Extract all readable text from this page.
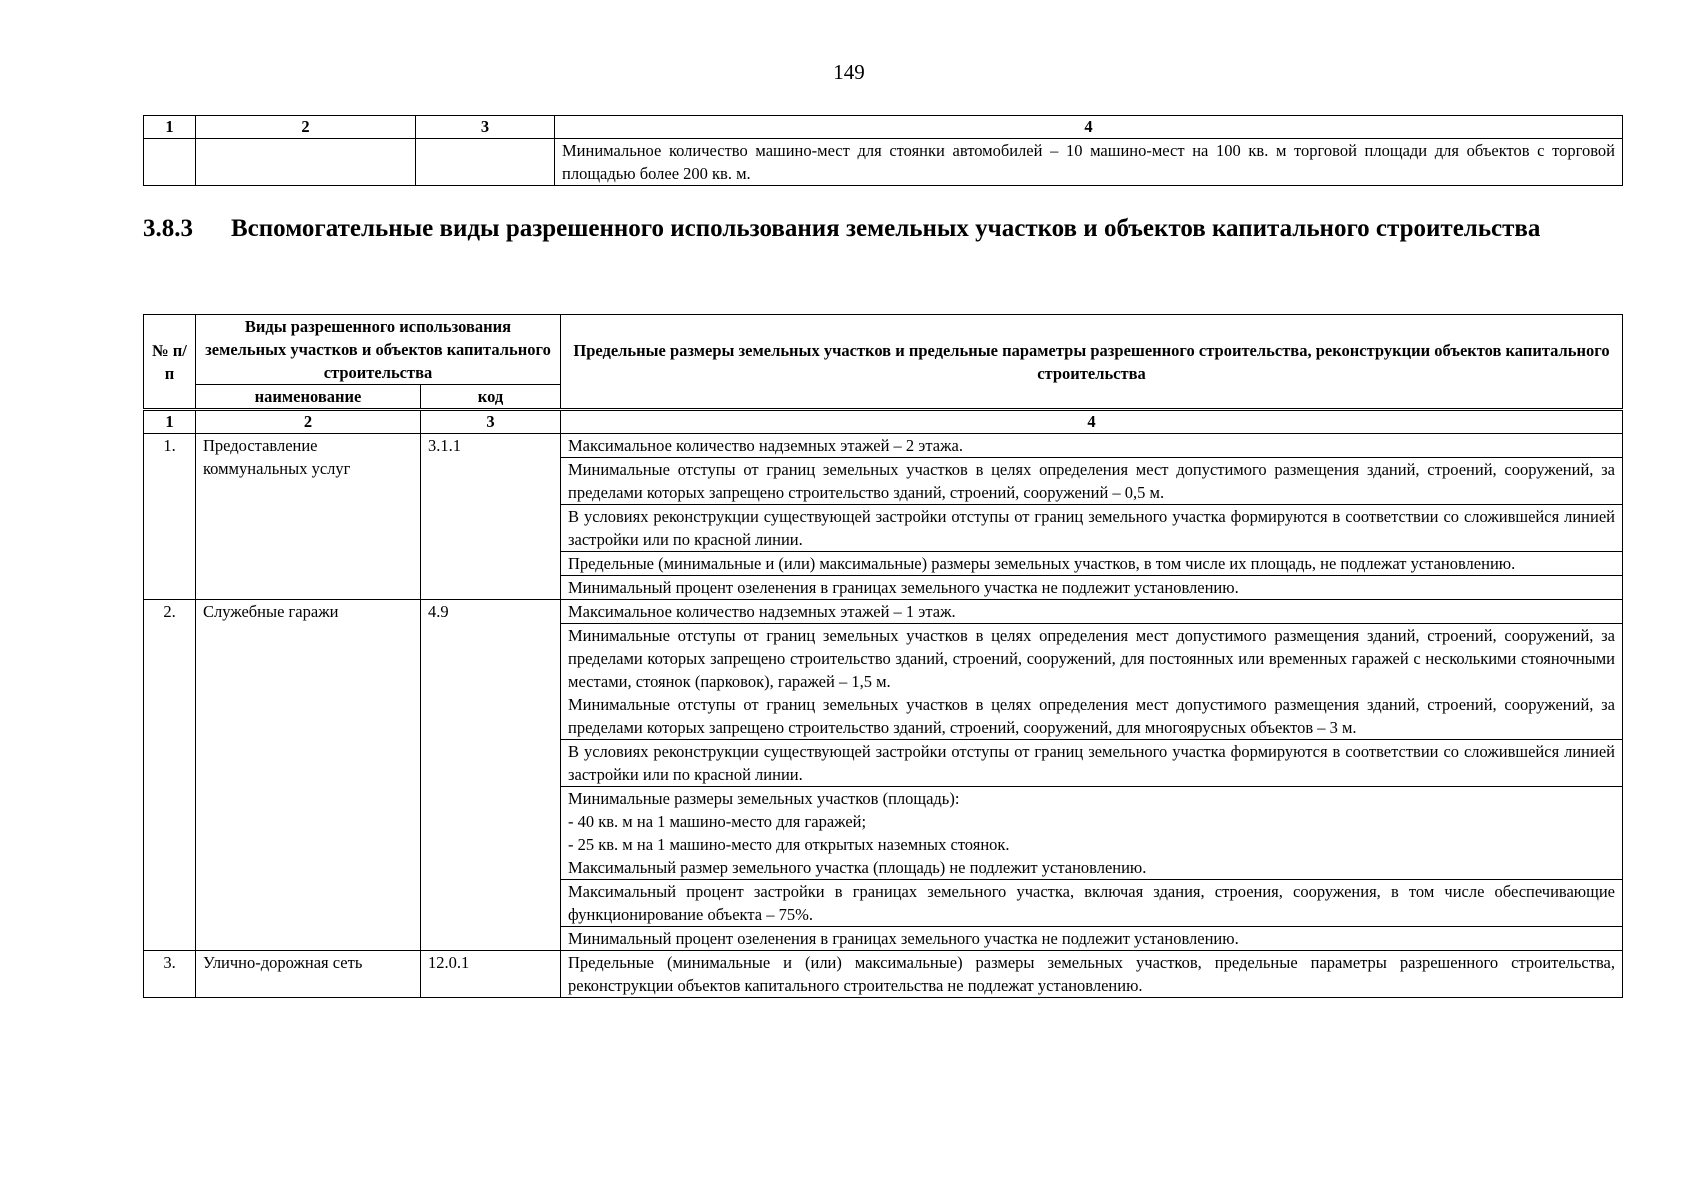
149
1	2	3	4
			Минимальное количество машино-мест для стоянки автомобилей – 10 машино-мест на 100 кв. м торговой площади для объектов с торговой площадью более 200 кв. м.
3.8.3 Вспомогательные виды разрешенного использования земельных участков и объектов капитального строительства
№ п/п	Виды разрешенного использования земельных участков и объектов капитального строительства		Предельные размеры земельных участков и предельные параметры разрешенного строительства, реконструкции объектов капитального строительства
	наименование	код	
1	2	3	4
1.	Предоставление коммунальных услуг	3.1.1	Максимальное количество надземных этажей – 2 этажа.
			Минимальные отступы от границ земельных участков в целях определения мест допустимого размещения зданий, строений, сооружений, за пределами которых запрещено строительство зданий, строений, сооружений – 0,5 м.
			В условиях реконструкции существующей застройки отступы от границ земельного участка формируются в соответствии со сложившейся линией застройки или по красной линии.
			Предельные (минимальные и (или) максимальные) размеры земельных участков, в том числе их площадь, не подлежат установлению.
			Минимальный процент озеленения в границах земельного участка не подлежит установлению.
2.	Служебные гаражи	4.9	Максимальное количество надземных этажей – 1 этаж.

			Минимальные отступы от границ земельных участков в целях определения мест допустимого размещения зданий, строений, сооружений, за пределами которых запрещено строительство зданий, строений, сооружений, для постоянных или временных гаражей с несколькими стояночными местами, стоянок (парковок), гаражей – 1,5 м.
Минимальные отступы от границ земельных участков в целях определения мест допустимого размещения зданий, строений, сооружений, за пределами которых запрещено строительство зданий, строений, сооружений, для многоярусных объектов – 3 м.

			В условиях реконструкции существующей застройки отступы от границ земельного участка формируются в соответствии со сложившейся линией застройки или по красной линии.

			Минимальные размеры земельных участков (площадь):
- 40 кв. м на 1 машино-место для гаражей;
- 25 кв. м на 1 машино-место для открытых наземных стоянок.
Максимальный размер земельного участка (площадь) не подлежит установлению.

			Максимальный процент застройки в границах земельного участка, включая здания, строения, сооружения, в том числе обеспечивающие функционирование объекта – 75%.
			Минимальный процент озеленения в границах земельного участка не подлежит установлению.
3.	Улично-дорожная сеть	12.0.1	Предельные (минимальные и (или) максимальные) размеры земельных участков, предельные параметры разрешенного строительства, реконструкции объектов капитального строительства не подлежат установлению.
